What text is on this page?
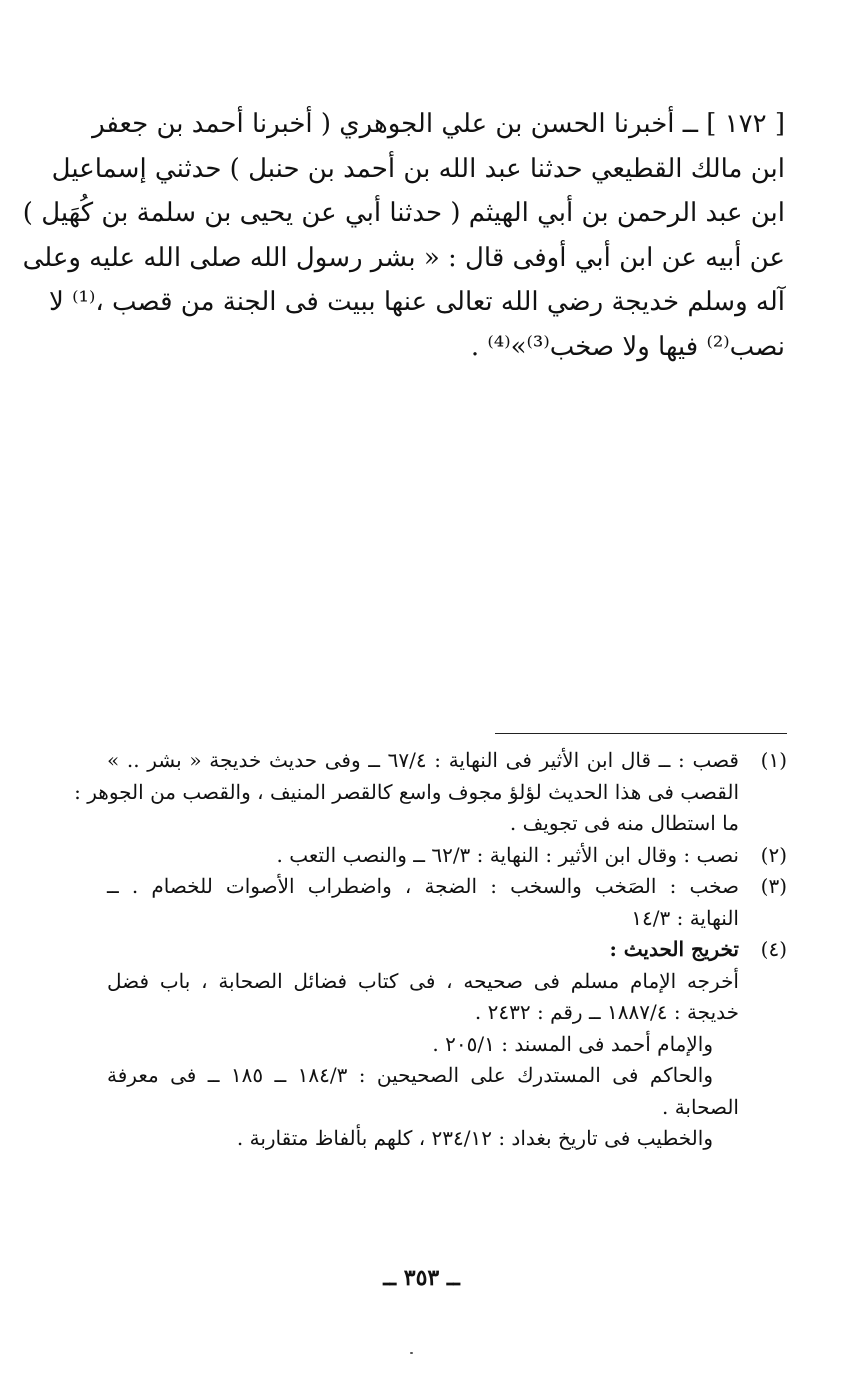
[ ١٧٢ ] ــ أخبرنا الحسن بن علي الجوهري ( أخبرنا أحمد بن جعفر
ابن مالك القطيعي حدثنا عبد الله بن أحمد بن حنبل ) حدثني إسماعيل
ابن عبد الرحمن بن أبي الهيثم ( حدثنا أبي عن يحيى بن سلمة بن كُهَيل )
عن أبيه عن ابن أبي أوفى قال : « بشر رسول الله صلى الله عليه وعلى
آله وسلم خديجة رضي الله تعالى عنها ببيت فى الجنة من قصب ،⁽¹⁾ لا
نصب⁽²⁾ فيها ولا صخب⁽³⁾»⁽⁴⁾ .
(١)
قصب : ــ قال ابن الأثير فى النهاية : ٦٧/٤ ــ وفى حديث خديجة « بشر .. »
القصب فى هذا الحديث لؤلؤ مجوف واسع كالقصر المنيف ، والقصب من الجوهر :
ما استطال منه فى تجويف .
(٢)
نصب : وقال ابن الأثير : النهاية : ٦٢/٣ ــ والنصب التعب .
(٣)
صخب : الصَخب والسخب : الضجة ، واضطراب الأصوات للخصام . ــ
النهاية : ١٤/٣
(٤)
تخريج الحديث :
أخرجه الإمام مسلم فى صحيحه ، فى كتاب فضائل الصحابة ، باب فضل
خديجة : ١٨٨٧/٤ ــ رقم : ٢٤٣٢ .
والإمام أحمد فى المسند : ٢٠٥/١ .
والحاكم فى المستدرك على الصحيحين : ١٨٤/٣ ــ ١٨٥ ــ فى معرفة
الصحابة .
والخطيب فى تاريخ بغداد : ٢٣٤/١٢ ، كلهم بألفاظ متقاربة .
ــ ٣٥٣ ــ
